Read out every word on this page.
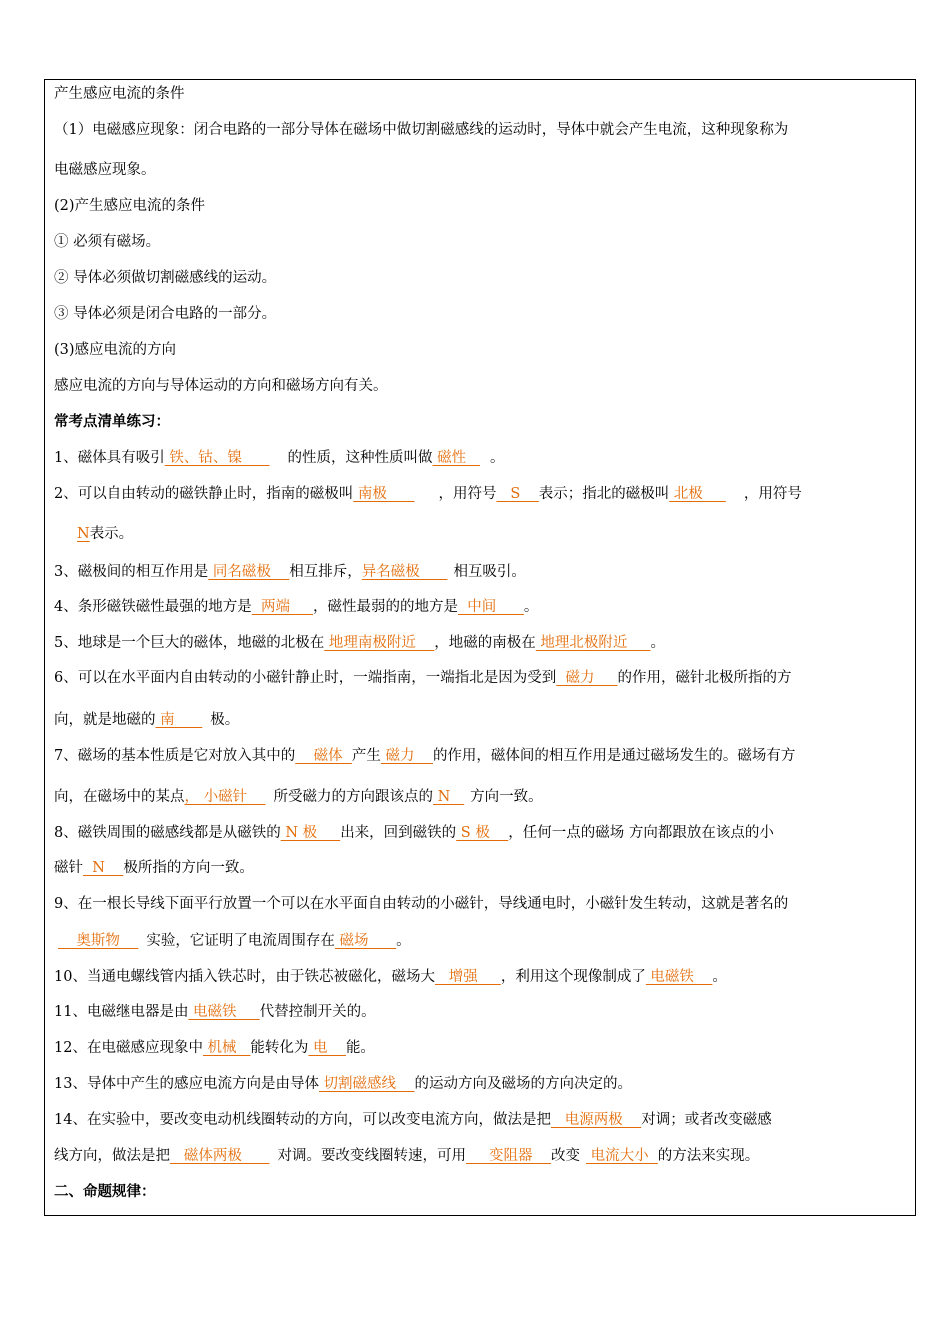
产生感应电流的条件
（1）电磁感应现象：闭合电路的一部分导体在磁场中做切割磁感线的运动时，导体中就会产生电流，这种现象称为
电磁感应现象。
(2)产生感应电流的条件
① 必须有磁场。
② 导体必须做切割磁感线的运动。
③ 导体必须是闭合电路的一部分。
(3)感应电流的方向
感应电流的方向与导体运动的方向和磁场方向有关。
常考点清单练习：
1、磁体具有吸引 铁、钴、镍      的性质，这种性质叫做 磁性   。
2、可以自由转动的磁铁静止时，指南的磁极叫 南极      ，用符号   S    表示；指北的磁极叫 北极     ，用符号
N表示。
3、磁极间的相互作用是 同名磁极    相互排斥，异名磁极      相互吸引。
4、条形磁铁磁性最强的地方是  两端     ，磁性最弱的的地方是  中间      。
5、地球是一个巨大的磁体，地磁的北极在 地理南极附近    ，地磁的南极在 地理北极附近     。
6、可以在水平面内自由转动的小磁针静止时，一端指南，一端指北是因为受到  磁力     的作用，磁针北极所指的方
向，就是地磁的 南      极。
7、磁场的基本性质是它对放入其中的    磁体  产生 磁力    的作用，磁体间的相互作用是通过磁场发生的。磁场有方
向，在磁场中的某点， 小磁针    所受磁力的方向跟该点的 N   方向一致。
8、磁铁周围的磁感线都是从磁铁的 N 极     出来，回到磁铁的 S 极    ，任何一点的磁场 方向都跟放在该点的小
磁针  N    极所指的方向一致。
9、在一根长导线下面平行放置一个可以在水平面自由转动的小磁针，导线通电时，小磁针发生转动，这就是著名的
奥斯物    实验，它证明了电流周围存在 磁场      。
10、当通电螺线管内插入铁芯时，由于铁芯被磁化，磁场大   增强     ，利用这个现像制成了 电磁铁    。
11、电磁继电器是由 电磁铁     代替控制开关的。
12、在电磁感应现象中 机械   能转化为 电    能。
13、导体中产生的感应电流方向是由导体 切割磁感线    的运动方向及磁场的方向决定的。
14、在实验中，要改变电动机线圈转动的方向，可以改变电流方向，做法是把   电源两极    对调；或者改变磁感
线方向，做法是把   磁体两极      对调。要改变线圈转速，可用     变阻器    改变 电流大小  的方法来实现。
二、命题规律：
